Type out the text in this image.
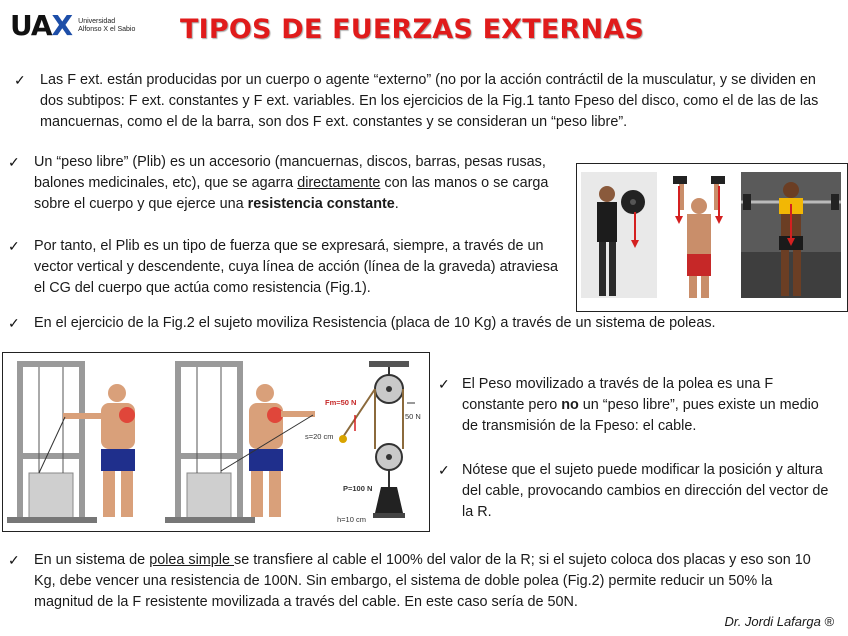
UAX Universidad
Alfonso X el Sabio TIPOS DE FUERZAS EXTERNAS
✓ Las F ext. están producidas por un cuerpo o agente “externo” (no por la acción contráctil de la musculatur, y se dividen en dos subtipos: F ext. constantes y F ext. variables. En los ejercicios de la Fig.1 tanto Fpeso del disco, como el de las de las mancuernas, como el de la barra, son dos F ext. constantes y se consideran un “peso libre”.
✓ Un “peso libre” (Plib) es un accesorio (mancuernas, discos, barras, pesas rusas, balones medicinales, etc), que se agarra directamente con las manos o se carga sobre el cuerpo y que ejerce una resistencia constante.
✓ Por tanto, el Plib es un tipo de fuerza que se expresará, siempre, a través de un vector vertical y descendente, cuya línea de acción (línea de la graveda) atraviesa el CG del cuerpo que actúa como resistencia (Fig.1).
✓ En el ejercicio de la Fig.2 el sujeto moviliza Resistencia (placa de 10 Kg) a través de un sistema de poleas.
Fm=50 N
50 N
s=20 cm
P=100 N
h=10 cm
✓ El Peso movilizado a través de la polea es una F constante pero no un “peso libre”, pues existe un medio de transmisión de la Fpeso: el cable.
✓ Nótese que el sujeto puede modificar la posición y altura del cable, provocando cambios en dirección del vector de la R.
✓ En un sistema de polea simple se transfiere al cable el 100% del valor de la R; si el sujeto coloca dos placas y eso son 10 Kg, debe vencer una resistencia de 100N. Sin embargo, el sistema de doble polea (Fig.2) permite reducir un 50% la magnitud de la F resistente movilizada a través del cable. En este caso sería de 50N.
Dr. Jordi Lafarga ®
